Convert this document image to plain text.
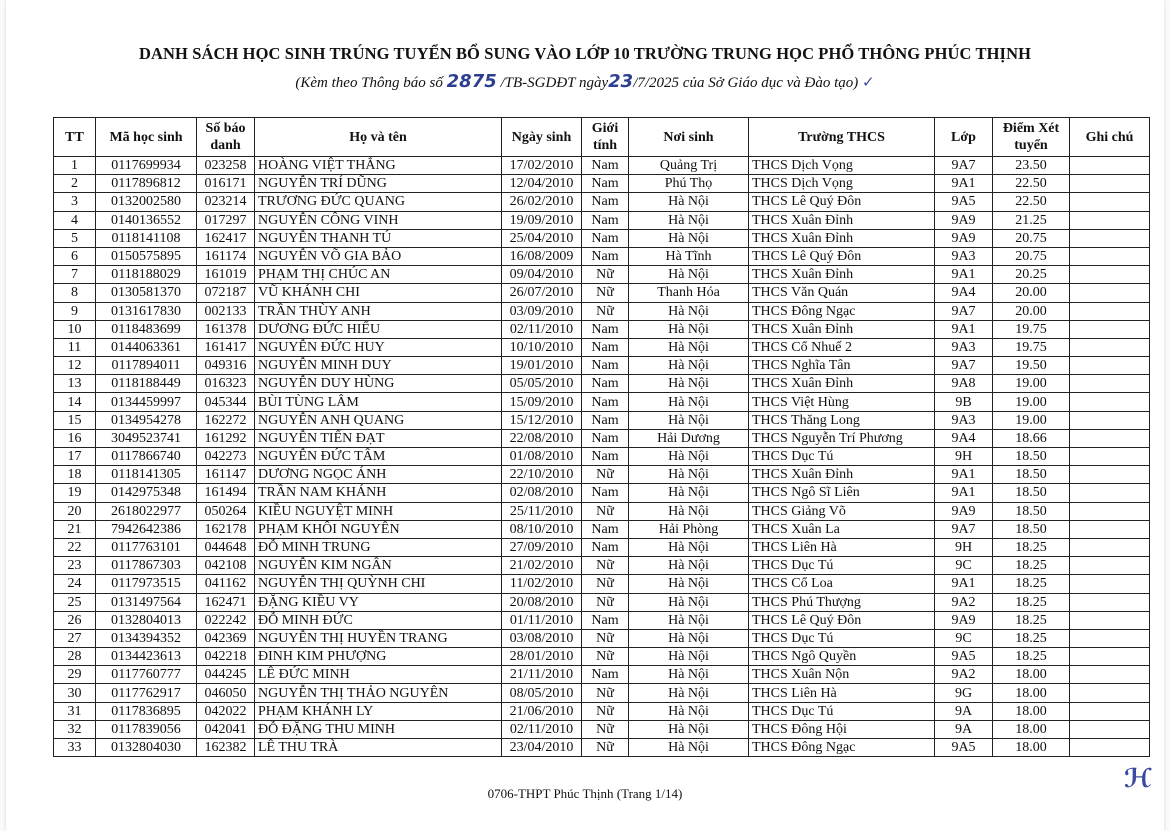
DANH SÁCH HỌC SINH TRÚNG TUYỂN BỔ SUNG VÀO LỚP 10 TRƯỜNG TRUNG HỌC PHỔ THÔNG PHÚC THỊNH
(Kèm theo Thông báo số 2875 /TB-SGDĐT ngày23/7/2025 của Sở Giáo dục và Đào tạo) ✓
TT	Mã học sinh	Số báo danh	Họ và tên	Ngày sinh	Giới tính	Nơi sinh	Trường THCS	Lớp	Điểm Xét tuyển	Ghi chú
1	0117699934	023258	HOÀNG VIỆT THẮNG	17/02/2010	Nam	Quảng Trị	THCS Dịch Vọng	9A7	23.50	
2	0117896812	016171	NGUYỄN TRÍ DŨNG	12/04/2010	Nam	Phú Thọ	THCS Dịch Vọng	9A1	22.50	
3	0132002580	023214	TRƯƠNG ĐỨC QUANG	26/02/2010	Nam	Hà Nội	THCS Lê Quý Đôn	9A5	22.50	
4	0140136552	017297	NGUYỄN CÔNG VINH	19/09/2010	Nam	Hà Nội	THCS Xuân Đỉnh	9A9	21.25	
5	0118141108	162417	NGUYỄN THANH TÚ	25/04/2010	Nam	Hà Nội	THCS Xuân Đỉnh	9A9	20.75	
6	0150575895	161174	NGUYỄN VÕ GIA BẢO	16/08/2009	Nam	Hà Tĩnh	THCS Lê Quý Đôn	9A3	20.75	
7	0118188029	161019	PHẠM THỊ CHÚC AN	09/04/2010	Nữ	Hà Nội	THCS Xuân Đỉnh	9A1	20.25	
8	0130581370	072187	VŨ KHÁNH CHI	26/07/2010	Nữ	Thanh Hóa	THCS Văn Quán	9A4	20.00	
9	0131617830	002133	TRẦN THÙY ANH	03/09/2010	Nữ	Hà Nội	THCS Đông Ngạc	9A7	20.00	
10	0118483699	161378	DƯƠNG ĐỨC HIẾU	02/11/2010	Nam	Hà Nội	THCS Xuân Đỉnh	9A1	19.75	
11	0144063361	161417	NGUYỄN ĐỨC HUY	10/10/2010	Nam	Hà Nội	THCS Cổ Nhuế 2	9A3	19.75	
12	0117894011	049316	NGUYỄN MINH DUY	19/01/2010	Nam	Hà Nội	THCS Nghĩa Tân	9A7	19.50	
13	0118188449	016323	NGUYỄN DUY HÙNG	05/05/2010	Nam	Hà Nội	THCS Xuân Đỉnh	9A8	19.00	
14	0134459997	045344	BÙI TÙNG LÂM	15/09/2010	Nam	Hà Nội	THCS Việt Hùng	9B	19.00	
15	0134954278	162272	NGUYỄN ANH QUANG	15/12/2010	Nam	Hà Nội	THCS Thăng Long	9A3	19.00	
16	3049523741	161292	NGUYỄN TIẾN ĐẠT	22/08/2010	Nam	Hải Dương	THCS Nguyễn Trí Phương	9A4	18.66	
17	0117866740	042273	NGUYỄN ĐỨC TÂM	01/08/2010	Nam	Hà Nội	THCS Dục Tú	9H	18.50	
18	0118141305	161147	DƯƠNG NGỌC ÁNH	22/10/2010	Nữ	Hà Nội	THCS Xuân Đỉnh	9A1	18.50	
19	0142975348	161494	TRẦN NAM KHÁNH	02/08/2010	Nam	Hà Nội	THCS Ngô Sĩ Liên	9A1	18.50	
20	2618022977	050264	KIỀU NGUYỆT MINH	25/11/2010	Nữ	Hà Nội	THCS Giảng Võ	9A9	18.50	
21	7942642386	162178	PHẠM KHÔI NGUYÊN	08/10/2010	Nam	Hải Phòng	THCS Xuân La	9A7	18.50	
22	0117763101	044648	ĐỖ MINH TRUNG	27/09/2010	Nam	Hà Nội	THCS Liên Hà	9H	18.25	
23	0117867303	042108	NGUYỄN KIM NGÂN	21/02/2010	Nữ	Hà Nội	THCS Dục Tú	9C	18.25	
24	0117973515	041162	NGUYỄN THỊ QUỲNH CHI	11/02/2010	Nữ	Hà Nội	THCS Cổ Loa	9A1	18.25	
25	0131497564	162471	ĐẶNG KIỀU VY	20/08/2010	Nữ	Hà Nội	THCS Phú Thượng	9A2	18.25	
26	0132804013	022242	ĐỖ MINH ĐỨC	01/11/2010	Nam	Hà Nội	THCS Lê Quý Đôn	9A9	18.25	
27	0134394352	042369	NGUYỄN THỊ HUYỀN TRANG	03/08/2010	Nữ	Hà Nội	THCS Dục Tú	9C	18.25	
28	0134423613	042218	ĐINH KIM PHƯỢNG	28/01/2010	Nữ	Hà Nội	THCS Ngô Quyền	9A5	18.25	
29	0117760777	044245	LÊ ĐỨC MINH	21/11/2010	Nam	Hà Nội	THCS Xuân Nộn	9A2	18.00	
30	0117762917	046050	NGUYỄN THỊ THẢO NGUYÊN	08/05/2010	Nữ	Hà Nội	THCS Liên Hà	9G	18.00	
31	0117836895	042022	PHẠM KHÁNH LY	21/06/2010	Nữ	Hà Nội	THCS Dục Tú	9A	18.00	
32	0117839056	042041	ĐỖ ĐẶNG THU MINH	02/11/2010	Nữ	Hà Nội	THCS Đông Hội	9A	18.00	
33	0132804030	162382	LÊ THU TRÀ	23/04/2010	Nữ	Hà Nội	THCS Đông Ngạc	9A5	18.00	
0706-THPT Phúc Thịnh (Trang 1/14)	ℋ
